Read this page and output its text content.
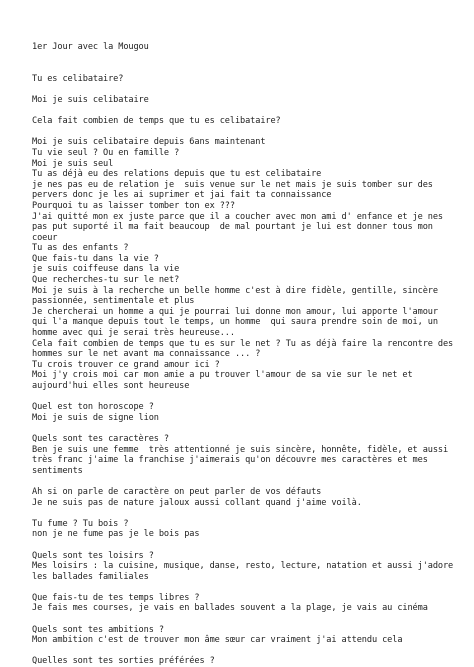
1er Jour avec la Mougou
Tu es celibataire?
Moi je suis celibataire
Cela fait combien de temps que tu es celibataire?
Moi je suis celibataire depuis 6ans maintenant
Tu vie seul ? Ou en famille ?
Moi je suis seul
Tu as déjà eu des relations depuis que tu est celibataire
je nes pas eu de relation je  suis venue sur le net mais je suis tomber sur des
pervers donc je les ai suprimer et jai fait ta connaissance
Pourquoi tu as laisser tomber ton ex ???
J'ai quitté mon ex juste parce que il a coucher avec mon ami d' enfance et je nes
pas put suporté il ma fait beaucoup  de mal pourtant je lui est donner tous mon
coeur
Tu as des enfants ?
Que fais-tu dans la vie ?
je suis coiffeuse dans la vie
Que recherches-tu sur le net?
Moi je suis à la recherche un belle homme c'est à dire fidèle, gentille, sincère
passionnée, sentimentale et plus
Je chercherai un homme a qui je pourrai lui donne mon amour, lui apporte l'amour
qui l'a manque depuis tout le temps, un homme  qui saura prendre soin de moi, un
homme avec qui je serai très heureuse...
Cela fait combien de temps que tu es sur le net ? Tu as déjà faire la rencontre des
hommes sur le net avant ma connaissance ... ?
Tu crois trouver ce grand amour ici ?
Moi j'y crois moi car mon amie a pu trouver l'amour de sa vie sur le net et
aujourd'hui elles sont heureuse
Quel est ton horoscope ?
Moi je suis de signe lion
Quels sont tes caractères ?
Ben je suis une femme  très attentionné je suis sincère, honnête, fidèle, et aussi
très franc j'aime la franchise j'aimerais qu'on découvre mes caractères et mes
sentiments
Ah si on parle de caractère on peut parler de vos défauts
Je ne suis pas de nature jaloux aussi collant quand j'aime voilà.
Tu fume ? Tu bois ?
non je ne fume pas je le bois pas
Quels sont tes loisirs ?
Mes loisirs : la cuisine, musique, danse, resto, lecture, natation et aussi j'adore
les ballades familiales
Que fais-tu de tes temps libres ?
Je fais mes courses, je vais en ballades souvent a la plage, je vais au cinéma
Quels sont tes ambitions ?
Mon ambition c'est de trouver mon âme sœur car vraiment j'ai attendu cela
Quelles sont tes sorties préférées ?
